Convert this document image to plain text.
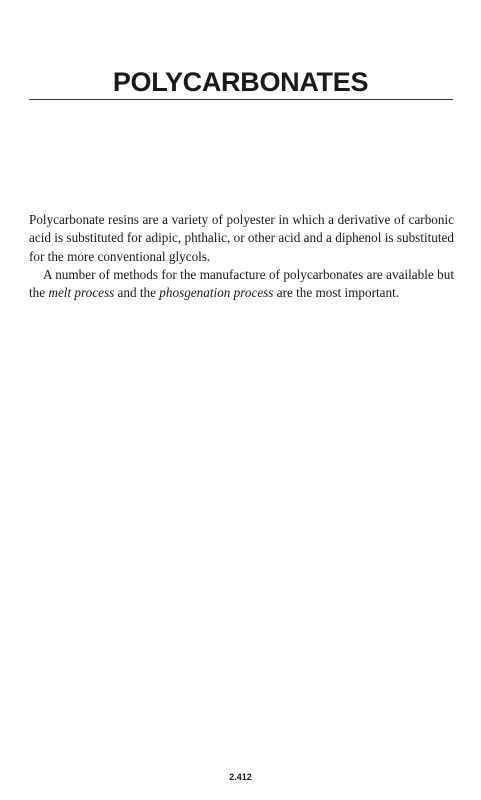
POLYCARBONATES

Polycarbonate resins are a variety of polyester in which a derivative of carbonic acid is substituted for adipic, phthalic, or other acid and a diphenol is substituted for the more conventional glycols.

A number of methods for the manufacture of polycarbonates are available but the melt process and the phosgenation process are the most important.

2.412
